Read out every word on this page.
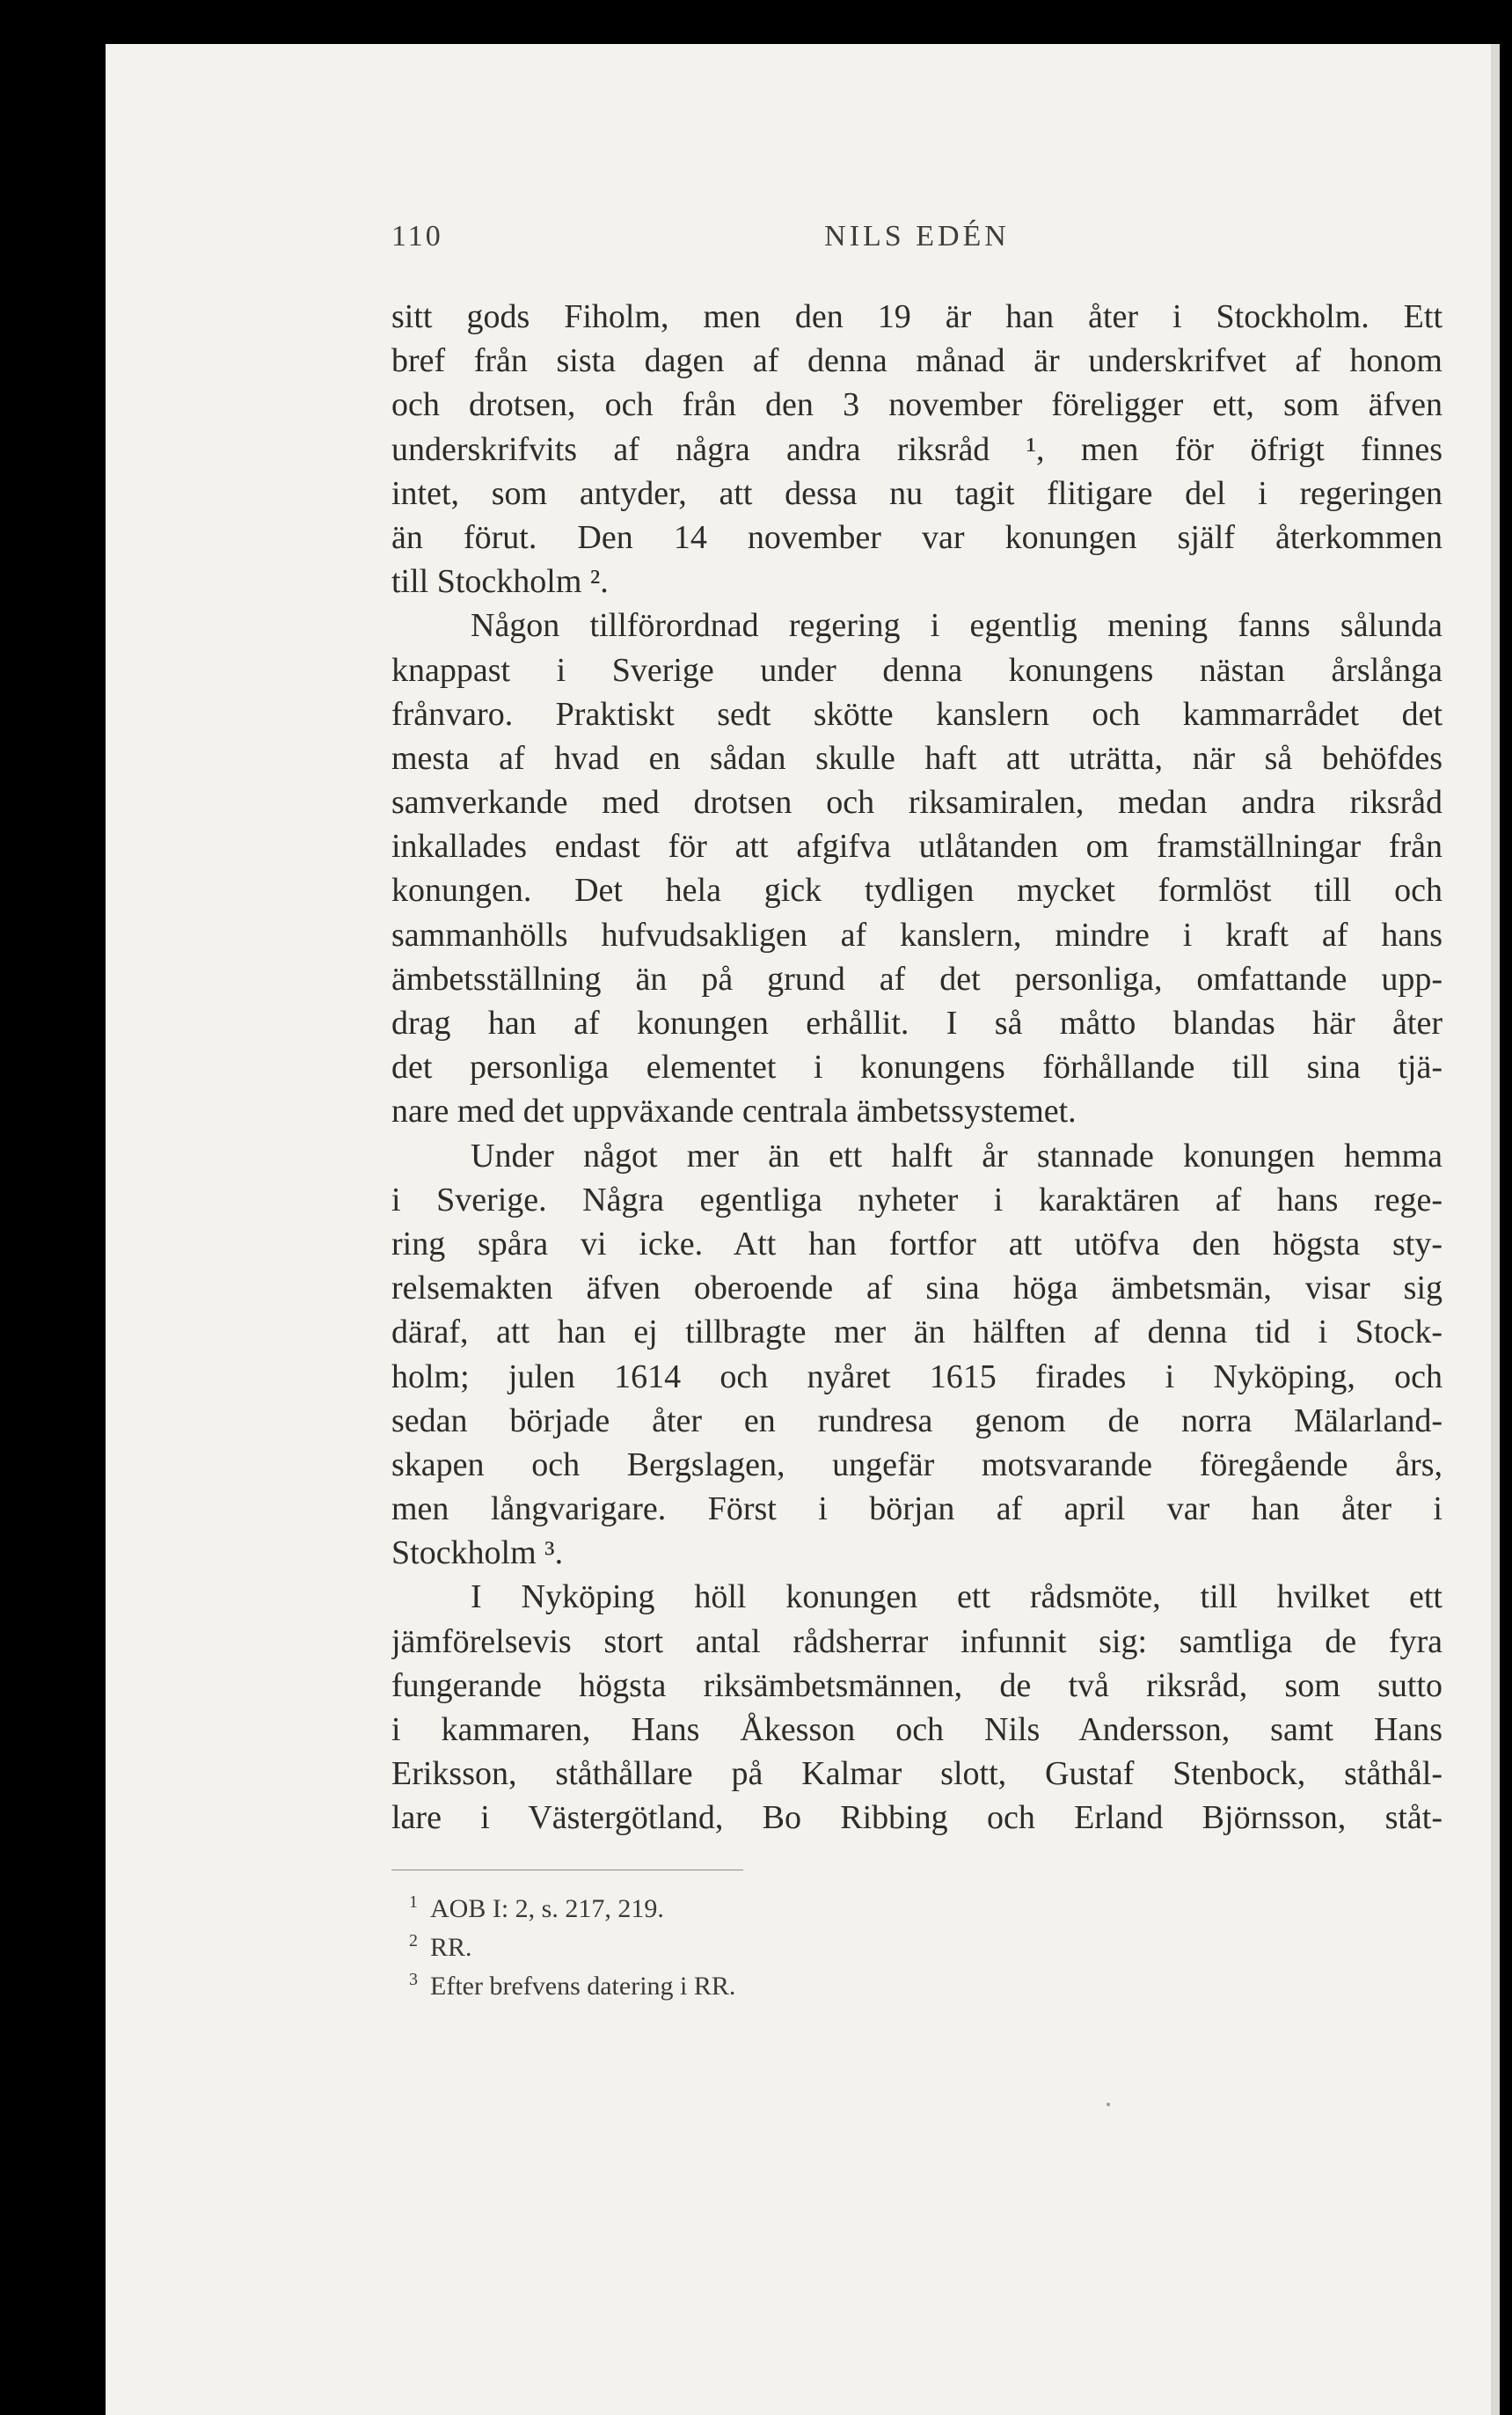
110	NILS EDÉN
sitt gods Fiholm, men den 19 är han åter i Stockholm. Ett
bref från sista dagen af denna månad är underskrifvet af honom
och drotsen, och från den 3 november föreligger ett, som äfven
underskrifvits af några andra riksråd ¹, men för öfrigt finnes
intet, som antyder, att dessa nu tagit flitigare del i regeringen
än förut. Den 14 november var konungen själf återkommen
till Stockholm ².
Någon tillförordnad regering i egentlig mening fanns sålunda
knappast i Sverige under denna konungens nästan årslånga
frånvaro. Praktiskt sedt skötte kanslern och kammarrådet det
mesta af hvad en sådan skulle haft att uträtta, när så behöfdes
samverkande med drotsen och riksamiralen, medan andra riksråd
inkallades endast för att afgifva utlåtanden om framställningar från
konungen. Det hela gick tydligen mycket formlöst till och
sammanhölls hufvudsakligen af kanslern, mindre i kraft af hans
ämbetsställning än på grund af det personliga, omfattande upp-
drag han af konungen erhållit. I så måtto blandas här åter
det personliga elementet i konungens förhållande till sina tjä-
nare med det uppväxande centrala ämbetssystemet.
Under något mer än ett halft år stannade konungen hemma
i Sverige. Några egentliga nyheter i karaktären af hans rege-
ring spåra vi icke. Att han fortfor att utöfva den högsta sty-
relsemakten äfven oberoende af sina höga ämbetsmän, visar sig
däraf, att han ej tillbragte mer än hälften af denna tid i Stock-
holm; julen 1614 och nyåret 1615 firades i Nyköping, och
sedan började åter en rundresa genom de norra Mälarland-
skapen och Bergslagen, ungefär motsvarande föregående års,
men långvarigare. Först i början af april var han åter i
Stockholm ³.
I Nyköping höll konungen ett rådsmöte, till hvilket ett
jämförelsevis stort antal rådsherrar infunnit sig: samtliga de fyra
fungerande högsta riksämbetsmännen, de två riksråd, som sutto
i kammaren, Hans Åkesson och Nils Andersson, samt Hans
Eriksson, ståthållare på Kalmar slott, Gustaf Stenbock, ståthål-
lare i Västergötland, Bo Ribbing och Erland Björnsson, ståt-
$^1$ AOB I: 2, s. 217, 219.
$^2$ RR.
$^3$ Efter brefvens datering i RR.
